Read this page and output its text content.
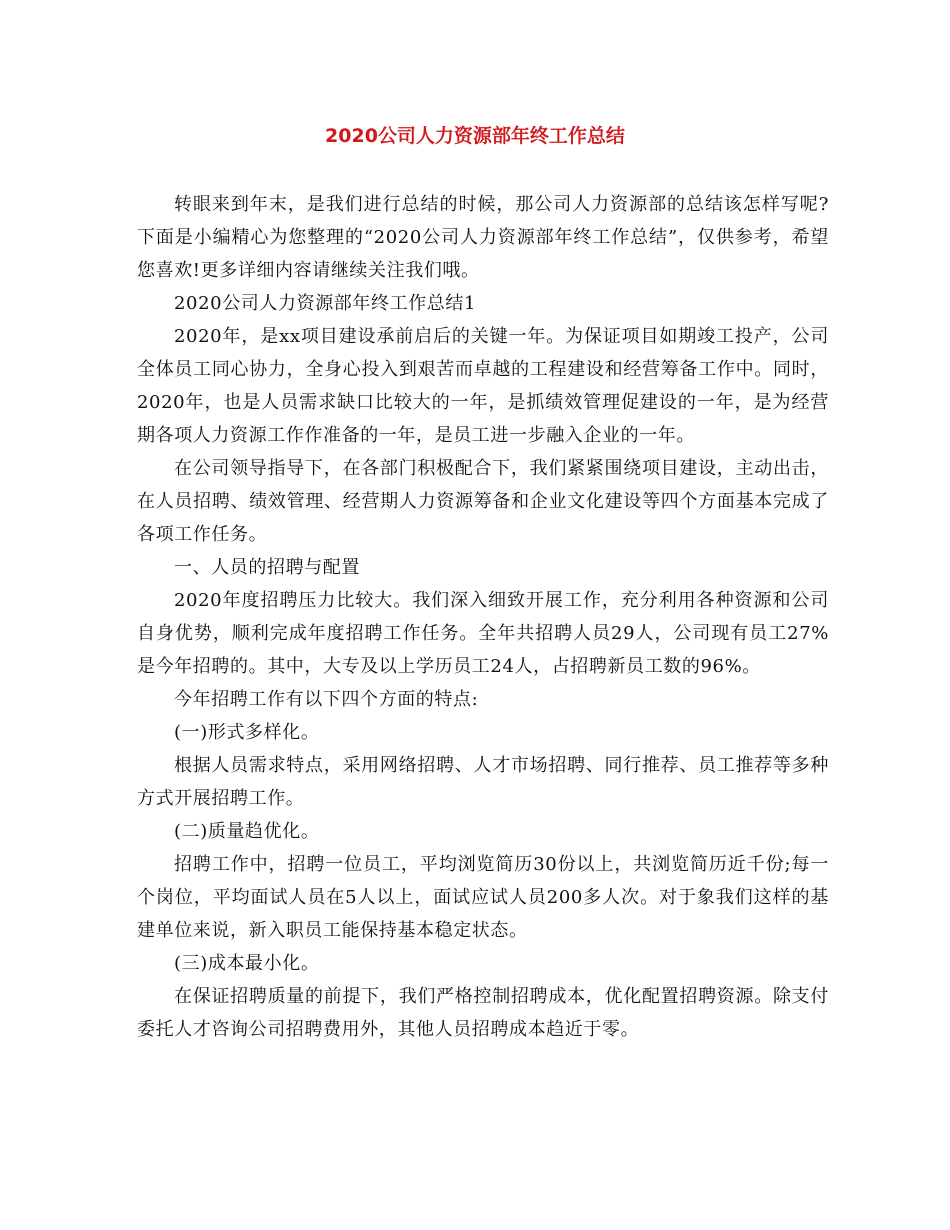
2020公司人力资源部年终工作总结

转眼来到年末，是我们进行总结的时候，那公司人力资源部的总结该怎样写呢?下面是小编精心为您整理的“2020公司人力资源部年终工作总结”，仅供参考，希望您喜欢!更多详细内容请继续关注我们哦。

2020公司人力资源部年终工作总结1

2020年，是xx项目建设承前启后的关键一年。为保证项目如期竣工投产，公司全体员工同心协力，全身心投入到艰苦而卓越的工程建设和经营筹备工作中。同时，2020年，也是人员需求缺口比较大的一年，是抓绩效管理促建设的一年，是为经营期各项人力资源工作作准备的一年，是员工进一步融入企业的一年。

在公司领导指导下，在各部门积极配合下，我们紧紧围绕项目建设，主动出击，在人员招聘、绩效管理、经营期人力资源筹备和企业文化建设等四个方面基本完成了各项工作任务。

一、人员的招聘与配置

2020年度招聘压力比较大。我们深入细致开展工作，充分利用各种资源和公司自身优势，顺利完成年度招聘工作任务。全年共招聘人员29人，公司现有员工27%是今年招聘的。其中，大专及以上学历员工24人，占招聘新员工数的96%。

今年招聘工作有以下四个方面的特点:

(一)形式多样化。

根据人员需求特点，采用网络招聘、人才市场招聘、同行推荐、员工推荐等多种方式开展招聘工作。

(二)质量趋优化。

招聘工作中，招聘一位员工，平均浏览简历30份以上，共浏览简历近千份;每一个岗位，平均面试人员在5人以上，面试应试人员200多人次。对于象我们这样的基建单位来说，新入职员工能保持基本稳定状态。

(三)成本最小化。

在保证招聘质量的前提下，我们严格控制招聘成本，优化配置招聘资源。除支付委托人才咨询公司招聘费用外，其他人员招聘成本趋近于零。
